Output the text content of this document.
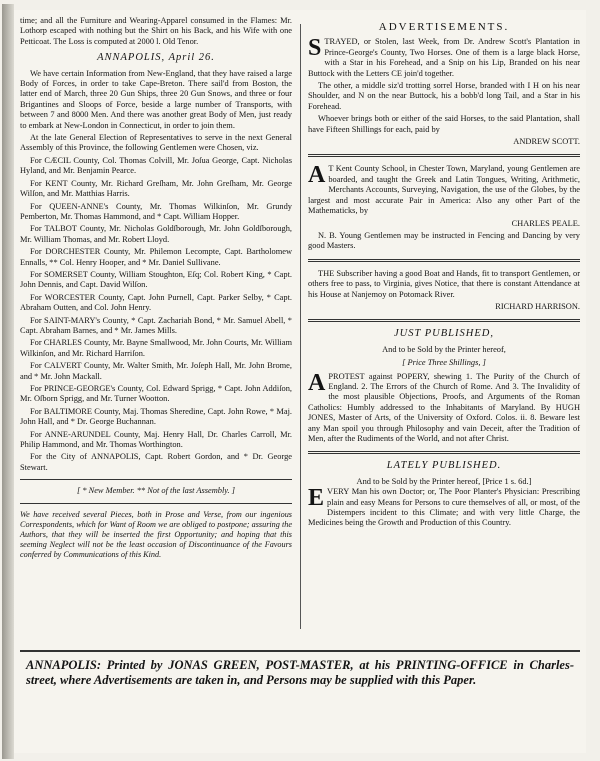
time; and all the Furniture and Wearing-Apparel consumed in the Flames: Mr. Lothorp escaped with nothing but the Shirt on his Back, and his Wife with one Petticoat. The Loss is computed at 2000 l. Old Tenor.

ANNAPOLIS, April 26.

We have certain Information from New-England, that they have raised a large Body of Forces, in order to take Cape-Breton. There sail'd from Boston, the latter end of March, three 20 Gun Ships, three 20 Gun Snows, and three or four Brigantines and Sloops of Force, beside a large number of Transports, with between 7 and 8000 Men. And there was another great Body of Men, just ready to embark at New-London in Connecticut, in order to join them.

At the late General Election of Representatives to serve in the next General Assembly of this Province, the following Gentlemen were Chosen, viz.

For CÆCIL County, Col. Thomas Colvill, Mr. Joſua George, Capt. Nicholas Hyland, and Mr. Benjamin Pearce.

For KENT County, Mr. Richard Greſham, Mr. John Greſham, Mr. George Wilſon, and Mr. Matthias Harris.

For QUEEN-ANNE's County, Mr. Thomas Wilkinſon, Mr. Grundy Pemberton, Mr. Thomas Hammond, and * Capt. William Hopper.

For TALBOT County, Mr. Nicholas Goldſborough, Mr. John Goldſborough, Mr. William Thomas, and Mr. Robert Lloyd.

For DORCHESTER County, Mr. Philemon Lecompte, Capt. Bartholomew Ennalls, ** Col. Henry Hooper, and * Mr. Daniel Sullivane.

For SOMERSET County, William Stoughton, Eſq; Col. Robert King, * Capt. John Dennis, and Capt. David Wilſon.

For WORCESTER County, Capt. John Purnell, Capt. Parker Selby, * Capt. Abraham Outten, and Col. John Henry.

For SAINT-MARY's County, * Capt. Zachariah Bond, * Mr. Samuel Abell, * Capt. Abraham Barnes, and * Mr. James Mills.

For CHARLES County, Mr. Bayne Smallwood, Mr. John Courts, Mr. William Wilkinſon, and Mr. Richard Harriſon.

For CALVERT County, Mr. Walter Smith, Mr. Joſeph Hall, Mr. John Brome, and * Mr. John Mackall.

For PRINCE-GEORGE's County, Col. Edward Sprigg, * Capt. John Addiſon, Mr. Oſborn Sprigg, and Mr. Turner Wootton.

For BALTIMORE County, Maj. Thomas Sheredine, Capt. John Rowe, * Maj. John Hall, and * Dr. George Buchannan.

For ANNE-ARUNDEL County, Maj. Henry Hall, Dr. Charles Carroll, Mr. Philip Hammond, and Mr. Thomas Worthington.

For the City of ANNAPOLIS, Capt. Robert Gordon, and * Dr. George Stewart.

[ * New Member. ** Not of the last Assembly. ]

We have received several Pieces, both in Prose and Verse, from our ingenious Correspondents, which for Want of Room we are obliged to postpone; assuring the Authors, that they will be inserted the first Opportunity; and hoping that this seeming Neglect will not be the least occasion of Discontinuance of the Favours conferred by Communications of this Kind.

ADVERTISEMENTS.

STRAYED, or Stolen, last Week, from Dr. Andrew Scott's Plantation in Prince-George's County, Two Horses. One of them is a large black Horse, with a Star in his Forehead, and a Snip on his Lip, Branded on his near Buttock with the Letters CE join'd together.

The other, a middle siz'd trotting sorrel Horse, branded with I H on his near Shoulder, and N on the near Buttock, his a bobb'd long Tail, and a Star in his Forehead.

Whoever brings both or either of the said Horses, to the said Plantation, shall have Fifteen Shillings for each, paid by

ANDREW SCOTT.

A T Kent County School, in Chester Town, Maryland, young Gentlemen are boarded, and taught the Greek and Latin Tongues, Writing, Arithmetic, Merchants Accounts, Surveying, Navigation, the use of the Globes, by the largest and most accurate Pair in America: Also any other Part of the Mathematicks, by

CHARLES PEALE.

N. B. Young Gentlemen may be instructed in Fencing and Dancing by very good Masters.

THE Subscriber having a good Boat and Hands, fit to transport Gentlemen, or others free to pass, to Virginia, gives Notice, that there is constant Attendance at his House at Nanjemoy on Potomack River.

RICHARD HARRISON.
JUST PUBLISHED,
And to be Sold by the Printer hereof,
[ Price Three Shillings, ]

APROTEST against POPERY, shewing 1. The Purity of the Church of England. 2. The Errors of the Church of Rome. And 3. The Invalidity of the most plausible Objections, Proofs, and Arguments of the Roman Catholics: Humbly addressed to the Inhabitants of Maryland. By HUGH JONES, Master of Arts, of the University of Oxford. Colos. ii. 8. Beware lest any Man spoil you through Philosophy and vain Deceit, after the Tradition of Men, after the Rudiments of the World, and not after Christ.

LATELY PUBLISHED.
And to be Sold by the Printer hereof, [Price 1 s. 6d.]

EVERY Man his own Doctor; or, The Poor Planter's Physician: Prescribing plain and easy Means for Persons to cure themselves of all, or most, of the Distempers incident to this Climate; and with very little Charge, the Medicines being the Growth and Production of this Country.

ANNAPOLIS: Printed by JONAS GREEN, POST-MASTER, at his PRINTING-OFFICE in Charles-street, where Advertisements are taken in, and Persons may be supplied with this Paper.
